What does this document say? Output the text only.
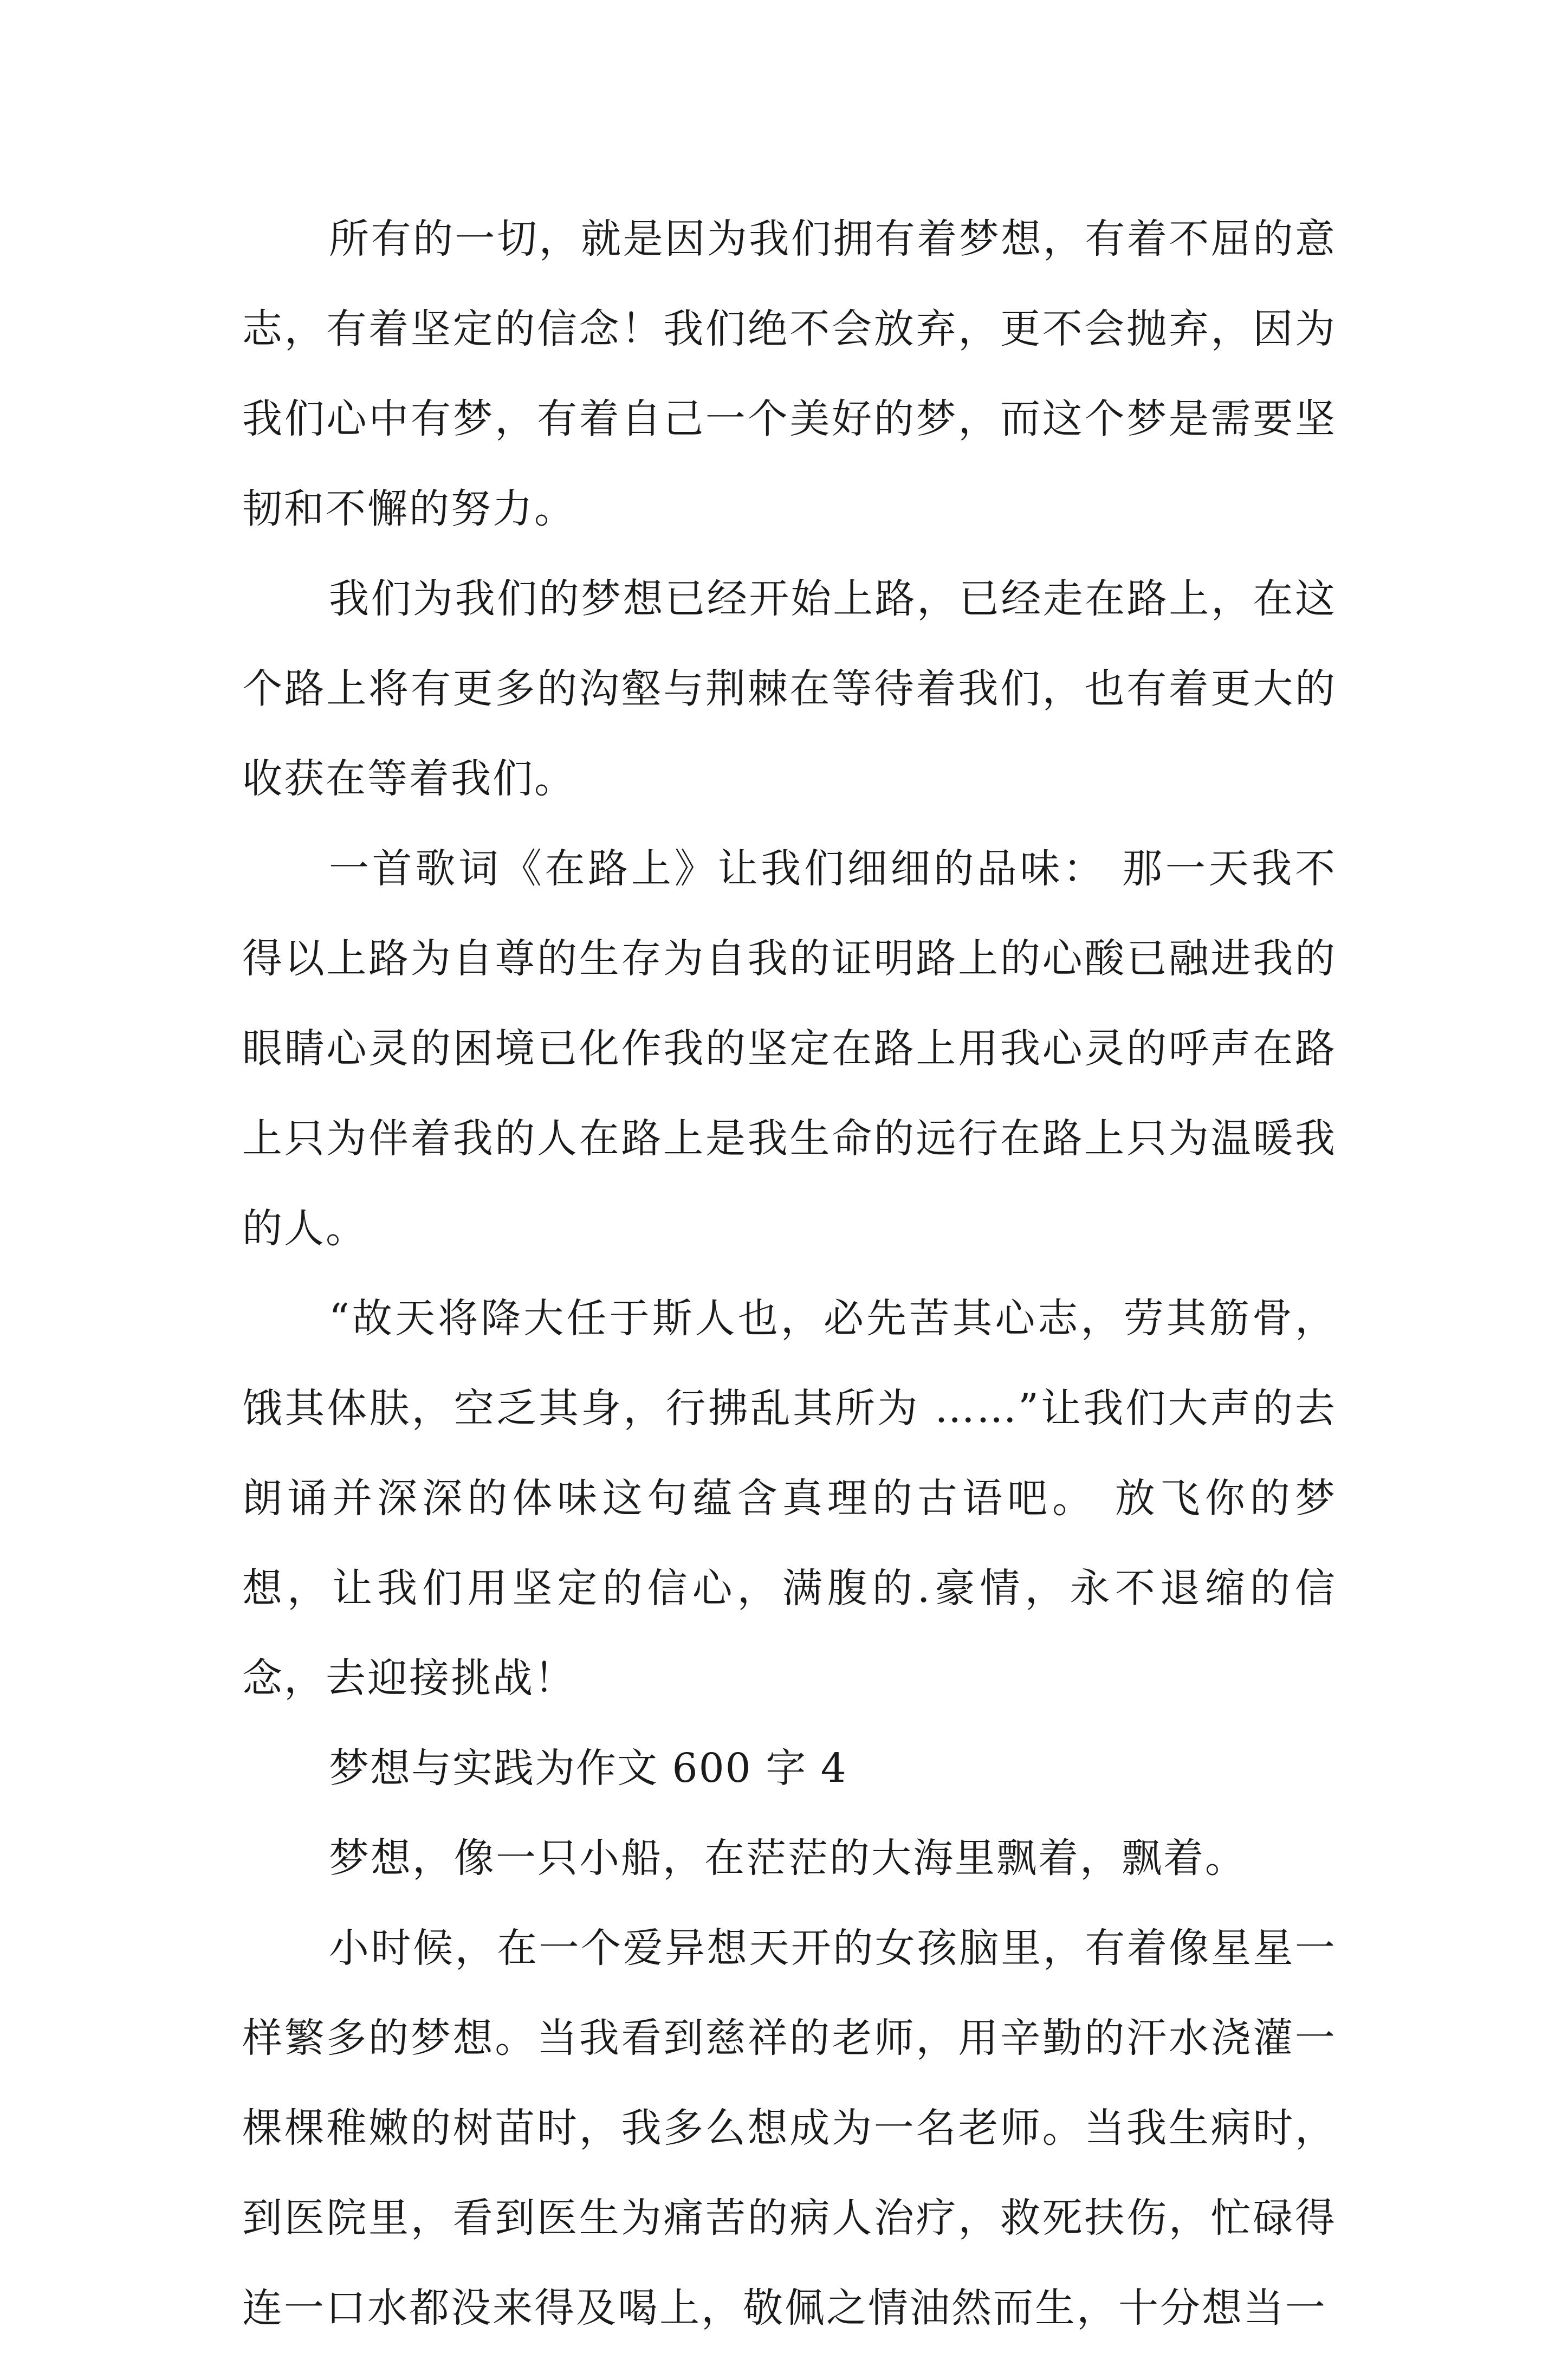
所有的一切，就是因为我们拥有着梦想，有着不屈的意志，有着坚定的信念！我们绝不会放弃，更不会抛弃，因为我们心中有梦，有着自己一个美好的梦，而这个梦是需要坚韧和不懈的努力。

我们为我们的梦想已经开始上路，已经走在路上，在这个路上将有更多的沟壑与荆棘在等待着我们，也有着更大的收获在等着我们。

一首歌词《在路上》让我们细细的品味： 那一天我不得以上路为自尊的生存为自我的证明路上的心酸已融进我的眼睛心灵的困境已化作我的坚定在路上用我心灵的呼声在路上只为伴着我的人在路上是我生命的远行在路上只为温暖我的人。

“故天将降大任于斯人也，必先苦其心志，劳其筋骨，饿其体肤，空乏其身，行拂乱其所为 ……”让我们大声的去朗诵并深深的体味这句蕴含真理的古语吧。 放飞你的梦想，让我们用坚定的信心，满腹的.豪情，永不退缩的信念，去迎接挑战！

梦想与实践为作文 600 字 4

梦想，像一只小船，在茫茫的大海里飘着，飘着。

小时候，在一个爱异想天开的女孩脑里，有着像星星一样繁多的梦想。当我看到慈祥的老师，用辛勤的汗水浇灌一棵棵稚嫩的树苗时，我多么想成为一名老师。当我生病时，到医院里，看到医生为痛苦的病人治疗，救死扶伤，忙碌得连一口水都没来得及喝上，敬佩之情油然而生，十分想当一
